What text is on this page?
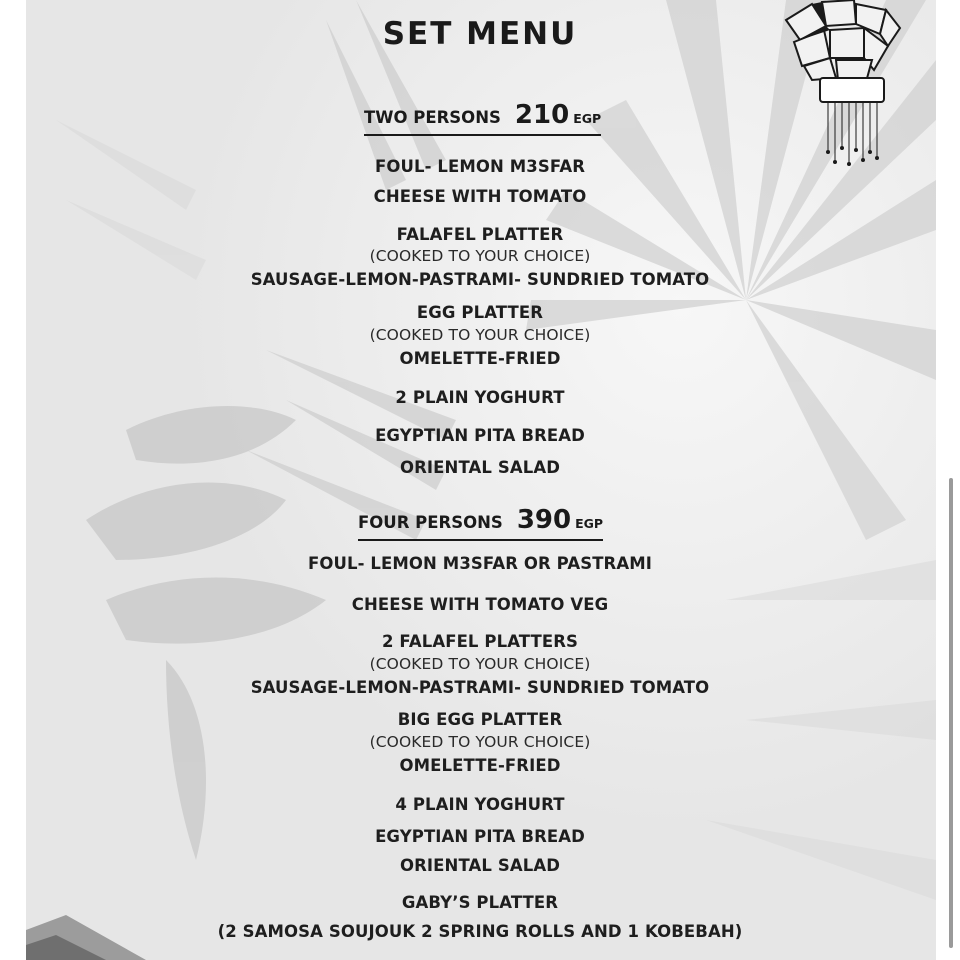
SET MENU
TWO PERSONS 210 EGP
FOUL- LEMON M3SFAR
CHEESE WITH TOMATO
FALAFEL PLATTER
(COOKED TO YOUR CHOICE)
SAUSAGE-LEMON-PASTRAMI- SUNDRIED TOMATO
EGG PLATTER
(COOKED TO YOUR CHOICE)
OMELETTE-FRIED
2 PLAIN YOGHURT
EGYPTIAN PITA BREAD
ORIENTAL SALAD
FOUR PERSONS 390 EGP
FOUL- LEMON M3SFAR OR PASTRAMI
CHEESE WITH TOMATO VEG
2 FALAFEL PLATTERS
(COOKED TO YOUR CHOICE)
SAUSAGE-LEMON-PASTRAMI- SUNDRIED TOMATO
BIG EGG PLATTER
(COOKED TO YOUR CHOICE)
OMELETTE-FRIED
4 PLAIN YOGHURT
EGYPTIAN PITA BREAD
ORIENTAL SALAD
GABY’S PLATTER
(2 SAMOSA SOUJOUK 2 SPRING ROLLS AND 1 KOBEBAH)
